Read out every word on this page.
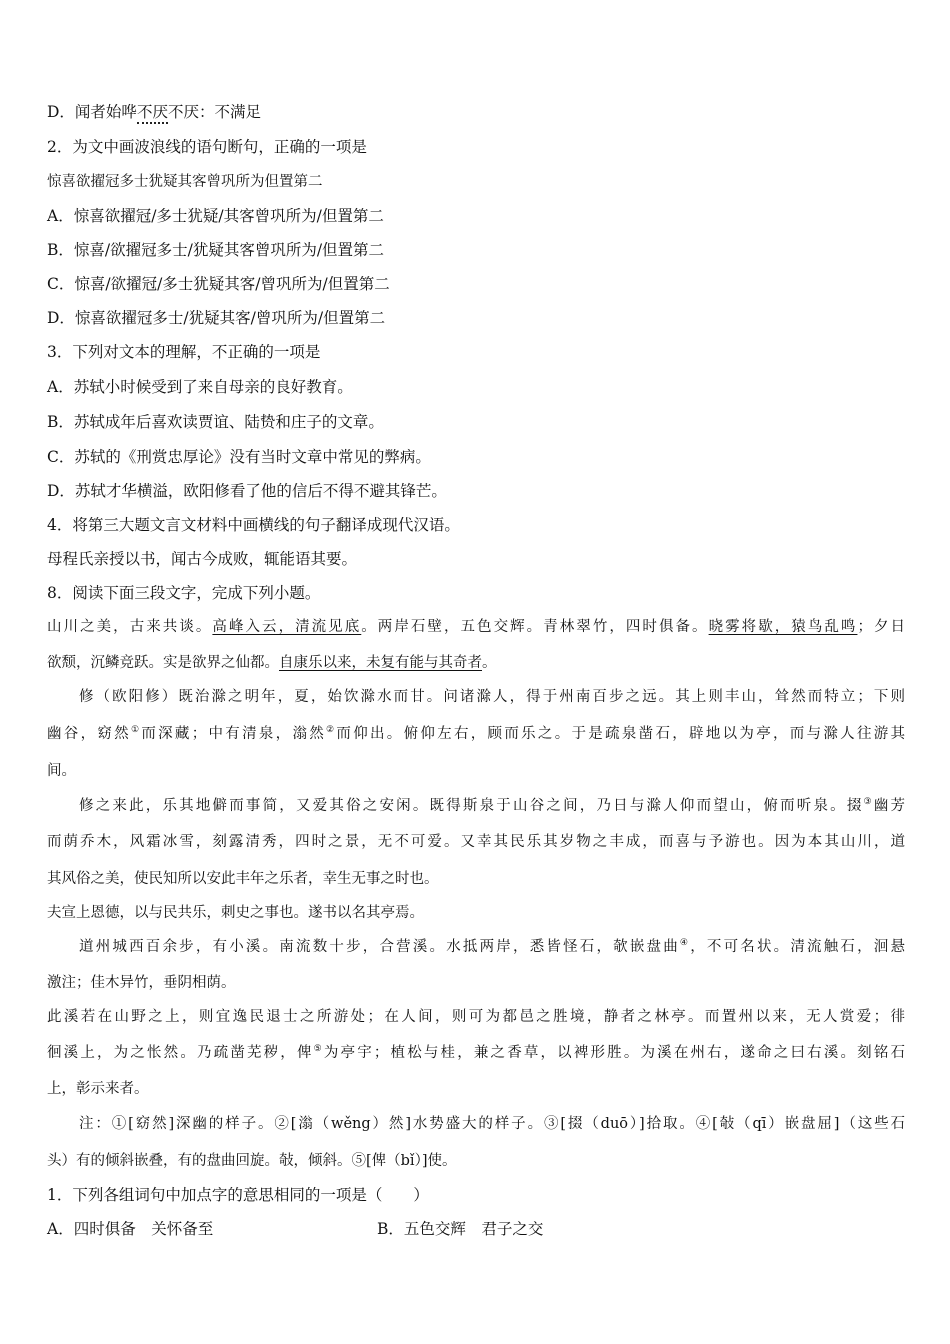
D．闻者始哗不厌不厌：不满足
2．为文中画波浪线的语句断句，正确的一项是
惊喜欲擢冠多士犹疑其客曾巩所为但置第二
A．惊喜欲擢冠/多士犹疑/其客曾巩所为/但置第二
B．惊喜/欲擢冠多士/犹疑其客曾巩所为/但置第二
C．惊喜/欲擢冠/多士犹疑其客/曾巩所为/但置第二
D．惊喜欲擢冠多士/犹疑其客/曾巩所为/但置第二
3．下列对文本的理解，不正确的一项是
A．苏轼小时候受到了来自母亲的良好教育。
B．苏轼成年后喜欢读贾谊、陆贽和庄子的文章。
C．苏轼的《刑赏忠厚论》没有当时文章中常见的弊病。
D．苏轼才华横溢，欧阳修看了他的信后不得不避其锋芒。
4．将第三大题文言文材料中画横线的句子翻译成现代汉语。
母程氏亲授以书，闻古今成败，辄能语其要。
8．阅读下面三段文字，完成下列小题。
山川之美，古来共谈。高峰入云，清流见底。两岸石壁，五色交辉。青林翠竹，四时俱备。晓雾将歇，猿鸟乱鸣；夕日
欲颓，沉鳞竞跃。实是欲界之仙都。自康乐以来，未复有能与其奇者。
修（欧阳修）既治滁之明年，夏，始饮滁水而甘。问诸滁人，得于州南百步之远。其上则丰山，耸然而特立；下则
幽谷，窈然①而深藏；中有清泉，滃然②而仰出。俯仰左右，顾而乐之。于是疏泉凿石，辟地以为亭，而与滁人往游其
间。
修之来此，乐其地僻而事简，又爱其俗之安闲。既得斯泉于山谷之间，乃日与滁人仰而望山，俯而听泉。掇③幽芳
而荫乔木，风霜冰雪，刻露清秀，四时之景，无不可爱。又幸其民乐其岁物之丰成，而喜与予游也。因为本其山川，道
其风俗之美，使民知所以安此丰年之乐者，幸生无事之时也。
夫宣上恩德，以与民共乐，刺史之事也。遂书以名其亭焉。
道州城西百余步，有小溪。南流数十步，合营溪。水抵两岸，悉皆怪石，欹嵌盘曲④，不可名状。清流触石，洄悬
激注；佳木异竹，垂阴相荫。
此溪若在山野之上，则宜逸民退士之所游处；在人间，则可为都邑之胜境，静者之林亭。而置州以来，无人赏爱；徘
徊溪上，为之怅然。乃疏凿芜秽，俾⑤为亭宇；植松与桂，兼之香草，以裨形胜。为溪在州右，遂命之曰右溪。刻铭石
上，彰示来者。
注：①[窈然]深幽的样子。②[滃（wěng）然]水势盛大的样子。③[掇（duō）]拾取。④[敧（qī）嵌盘屈]（这些石
头）有的倾斜嵌叠，有的盘曲回旋。敧，倾斜。⑤[俾（bǐ）]使。
1．下列各组词句中加点字的意思相同的一项是（　　）
A．四时俱备　关怀备至	B．五色交辉　君子之交
